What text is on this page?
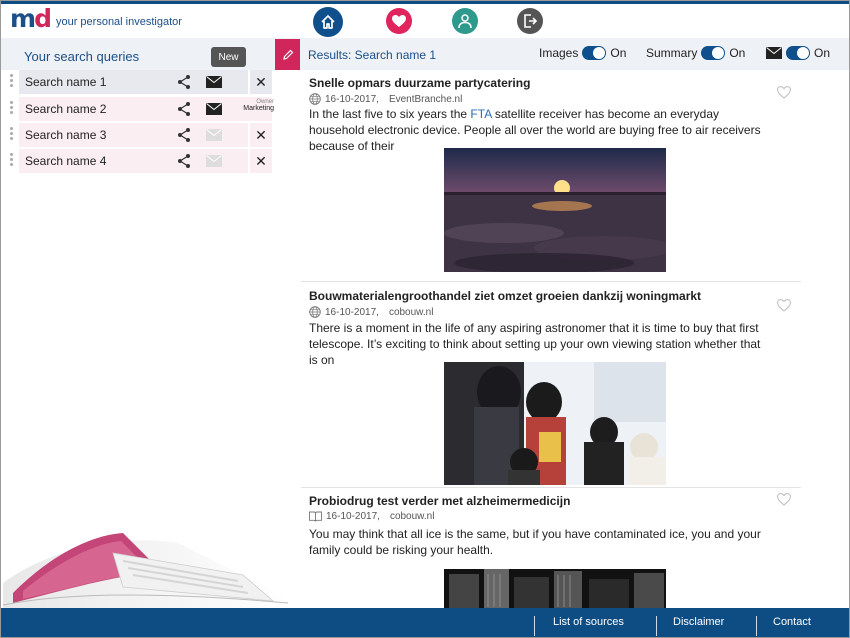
m d your personal investigator
Your search queries	New	Results: Search name 1	Images	On Summary	On	On
Search name 1	✕
Search name 2	Owner
Marketing
Search name 3	✕
Search name 4	✕
Snelle opmars duurzame partycatering
16-10-2017, EventBranche.nl
In the last five to six years the FTA satellite receiver has become an everyday household electronic device. People all over the world are buying free to air receivers because of their
Bouwmaterialengroothandel ziet omzet groeien dankzij woningmarkt
16-10-2017, cobouw.nl
There is a moment in the life of any aspiring astronomer that it is time to buy that first telescope. It’s exciting to think about setting up your own viewing station whether that is on
Probiodrug test verder met alzheimermedicijn
16-10-2017, cobouw.nl
You may think that all ice is the same, but if you have contaminated ice, you and your family could be risking your health.
List of sources	Disclaimer	Contact
